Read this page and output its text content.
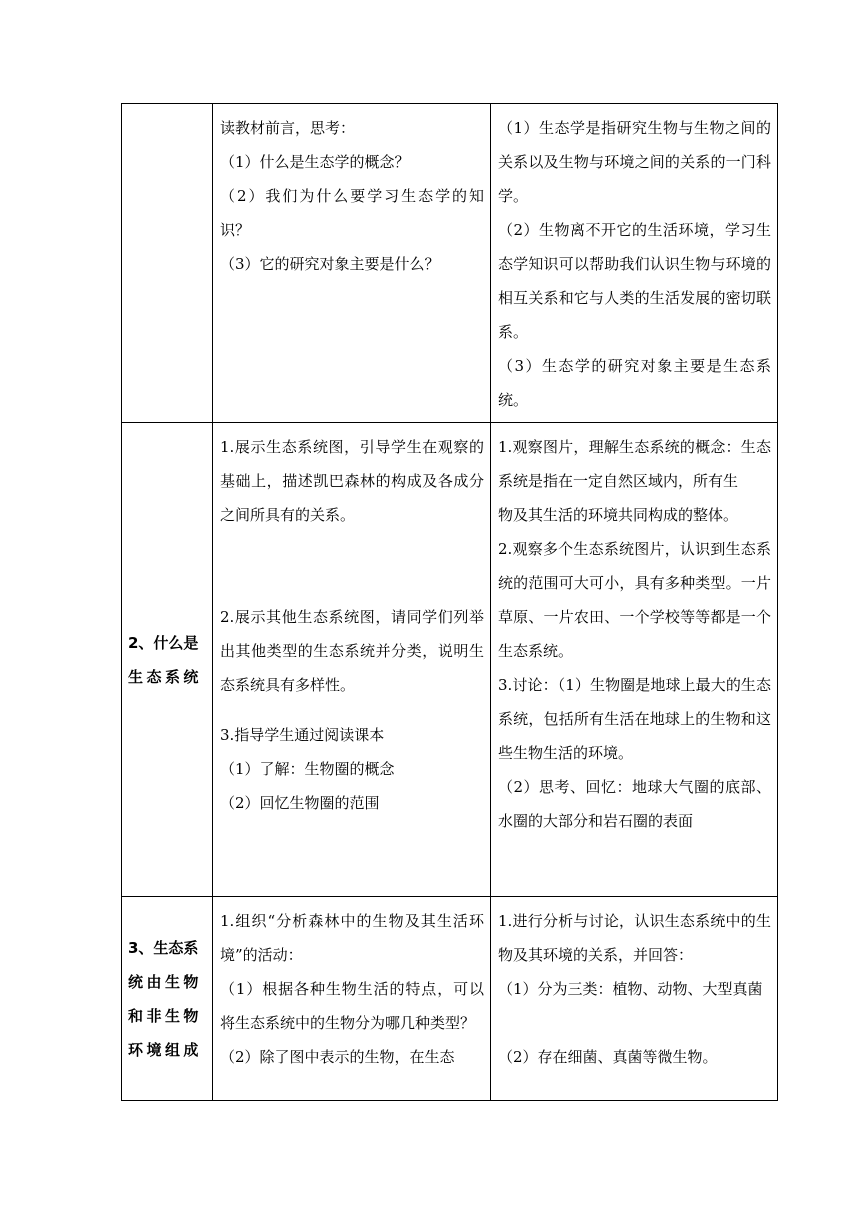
	读教材前言，思考：
（1）什么是生态学的概念？
（2）我们为什么要学习生态学的知识？
（3）它的研究对象主要是什么？	（1）生态学是指研究生物与生物之间的关系以及生物与环境之间的关系的一门科学。
（2）生物离不开它的生活环境，学习生态学知识可以帮助我们认识生物与环境的相互关系和它与人类的生活发展的密切联系。
（3）生态学的研究对象主要是生态系统。

2、什么是
生态系统	1.展示生态系统图，引导学生在观察的基础上，描述凯巴森林的构成及各成分之间所具有的关系。
2.展示其他生态系统图，请同学们列举出其他类型的生态系统并分类，说明生态系统具有多样性。
3.指导学生通过阅读课本
（1）了解：生物圈的概念
（2）回忆生物圈的范围	1.观察图片，理解生态系统的概念：生态系统是指在一定自然区域内，所有生
物及其生活的环境共同构成的整体。
2.观察多个生态系统图片，认识到生态系统的范围可大可小，具有多种类型。一片草原、一片农田、一个学校等等都是一个生态系统。
3.讨论：（1）生物圈是地球上最大的生态系统，包括所有生活在地球上的生物和这些生物生活的环境。
（2）思考、回忆：地球大气圈的底部、水圈的大部分和岩石圈的表面

3、生态系
统由生物
和非生物
环境组成	1.组织“分析森林中的生物及其生活环境”的活动：
（1）根据各种生物生活的特点，可以将生态系统中的生物分为哪几种类型？
（2）除了图中表示的生物，在生态	1.进行分析与讨论，认识生态系统中的生物及其环境的关系，并回答：
（1）分为三类：植物、动物、大型真菌
（2）存在细菌、真菌等微生物。
